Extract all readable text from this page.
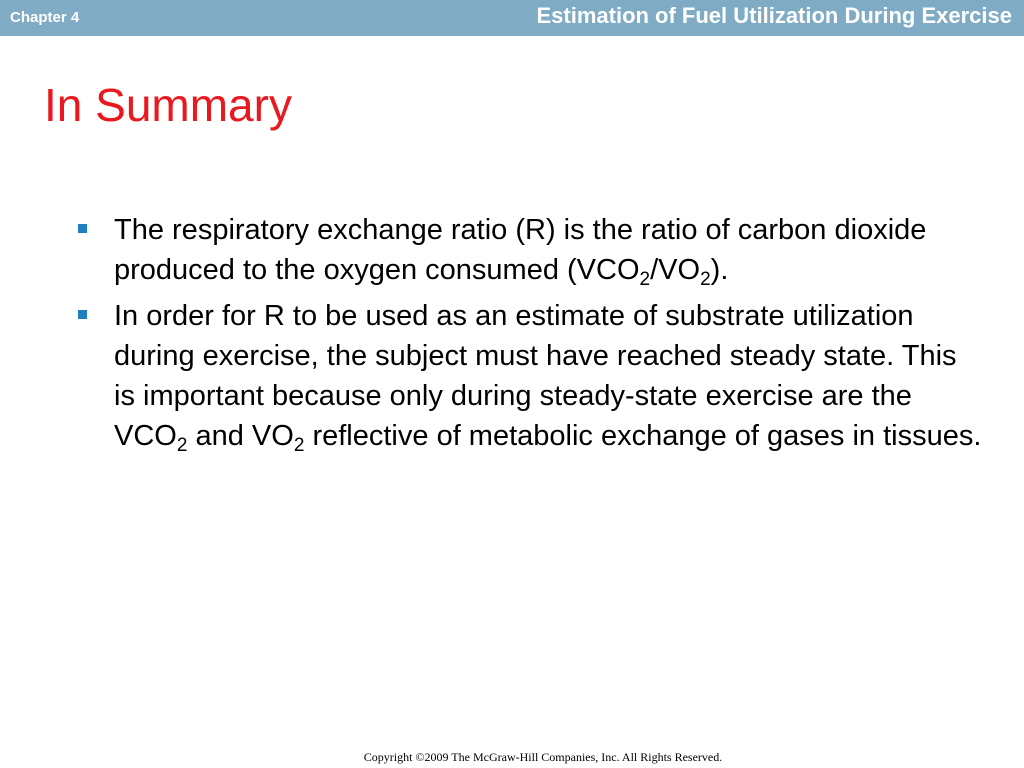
Chapter 4	Estimation of Fuel Utilization During Exercise
In Summary
The respiratory exchange ratio (R) is the ratio of carbon dioxide produced to the oxygen consumed $(VCO_2/VO_2)$.
In order for R to be used as an estimate of substrate utilization during exercise, the subject must have reached steady state. This is important because only during steady-state exercise are the $VCO_2$ and $VO_2$ reflective of metabolic exchange of gases in tissues.
Copyright ©2009 The McGraw-Hill Companies, Inc. All Rights Reserved.
